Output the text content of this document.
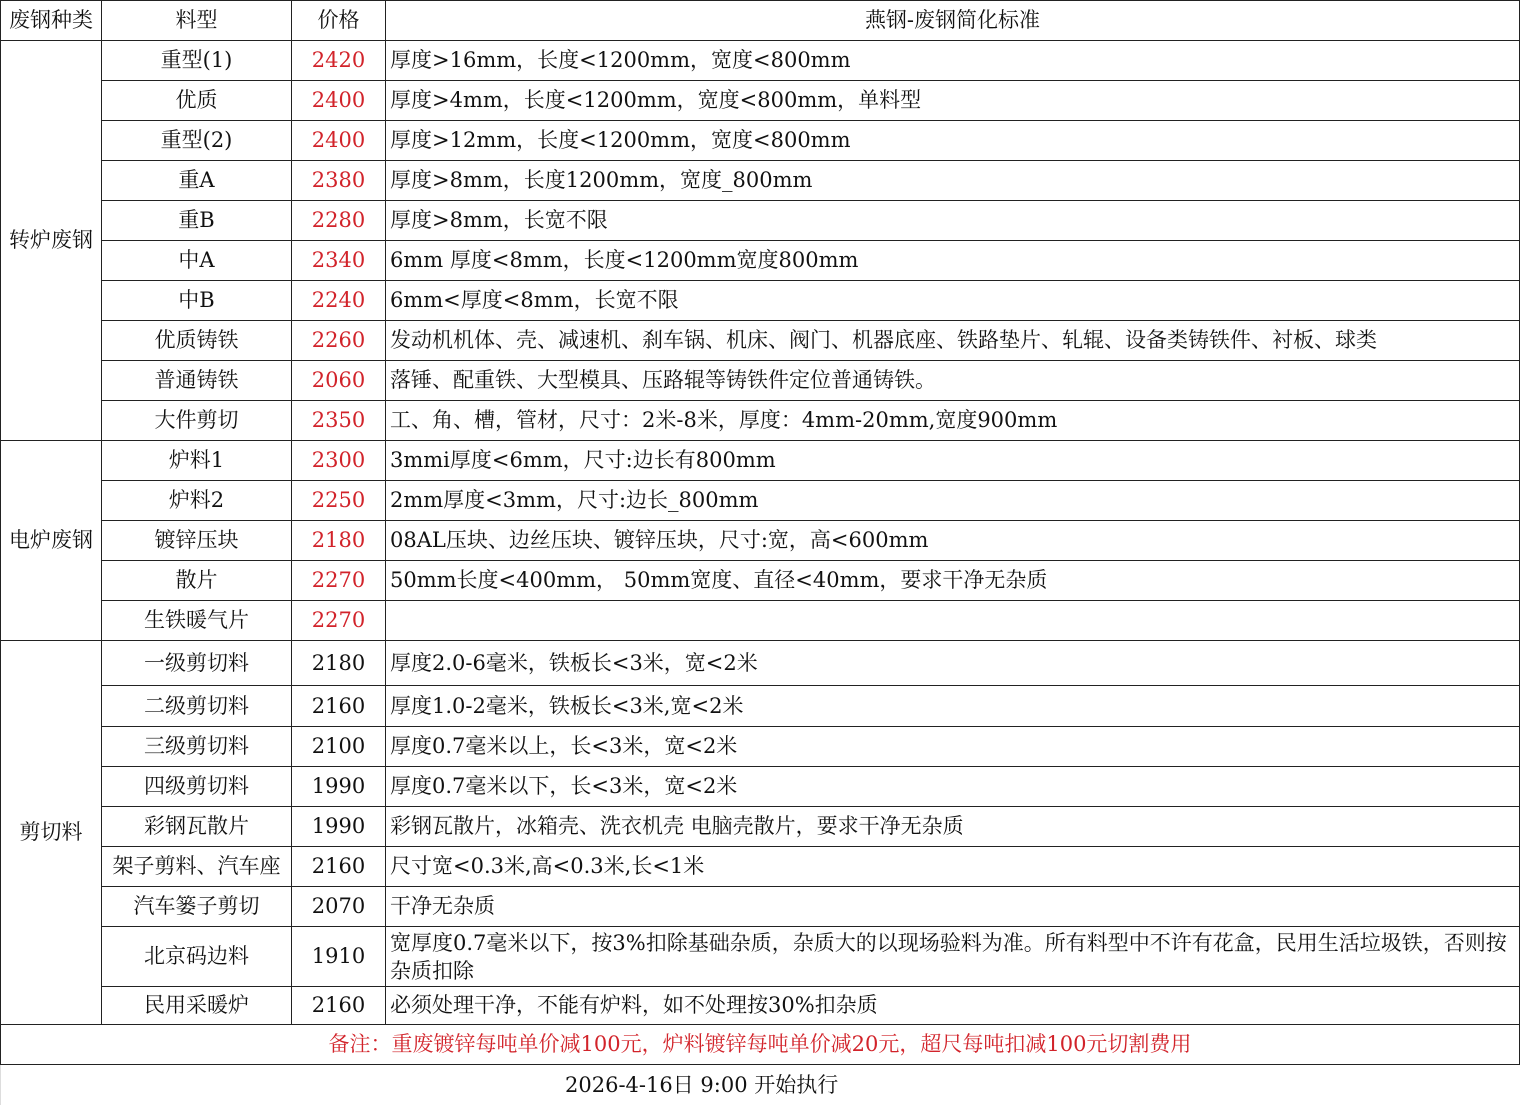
废钢种类	料型	价格	燕钢-废钢简化标准
转炉废钢	重型(1)	2420	厚度>16mm，长度<1200mm，宽度<800mm
	优质	2400	厚度>4mm，长度<1200mm，宽度<800mm，单料型
	重型(2)	2400	厚度>12mm，长度<1200mm，宽度<800mm
	重A	2380	厚度>8mm，长度1200mm，宽度_800mm
	重B	2280	厚度>8mm，长宽不限
	中A	2340	6mm 厚度<8mm，长度<1200mm宽度800mm
	中B	2240	6mm<厚度<8mm，长宽不限
	优质铸铁	2260	发动机机体、壳、减速机、刹车锅、机床、阀门、机器底座、铁路垫片、轧辊、设备类铸铁件、衬板、球类
	普通铸铁	2060	落锤、配重铁、大型模具、压路辊等铸铁件定位普通铸铁。
	大件剪切	2350	工、角、槽，管材，尺寸：2米-8米，厚度：4mm-20mm,宽度900mm
电炉废钢	炉料1	2300	3mmi厚度<6mm，尺寸:边长有800mm
	炉料2	2250	2mm厚度<3mm，尺寸:边长_800mm
	镀锌压块	2180	08AL压块、边丝压块、镀锌压块，尺寸:宽，高<600mm
	散片	2270	50mm长度<400mm， 50mm宽度、直径<40mm，要求干净无杂质
	生铁暖气片	2270	
剪切料	一级剪切料	2180	厚度2.0-6毫米，铁板长<3米，宽<2米
	二级剪切料	2160	厚度1.0-2毫米，铁板长<3米,宽<2米
	三级剪切料	2100	厚度0.7毫米以上，长<3米，宽<2米
	四级剪切料	1990	厚度0.7毫米以下，长<3米，宽<2米
	彩钢瓦散片	1990	彩钢瓦散片，冰箱壳、洗衣机壳 电脑壳散片，要求干净无杂质
	架子剪料、汽车座	2160	尺寸宽<0.3米,高<0.3米,长<1米
	汽车篓子剪切	2070	干净无杂质
	北京码边料	1910	宽厚度0.7毫米以下，按3%扣除基础杂质，杂质大的以现场验料为准。所有料型中不许有花盒，民用生活垃圾铁，否则按杂质扣除
	民用采暖炉	2160	必须处理干净，不能有炉料，如不处理按30%扣杂质
备注：重废镀锌每吨单价减100元，炉料镀锌每吨单价减20元，超尺每吨扣减100元切割费用			
2026-4-16日 9:00 开始执行			
